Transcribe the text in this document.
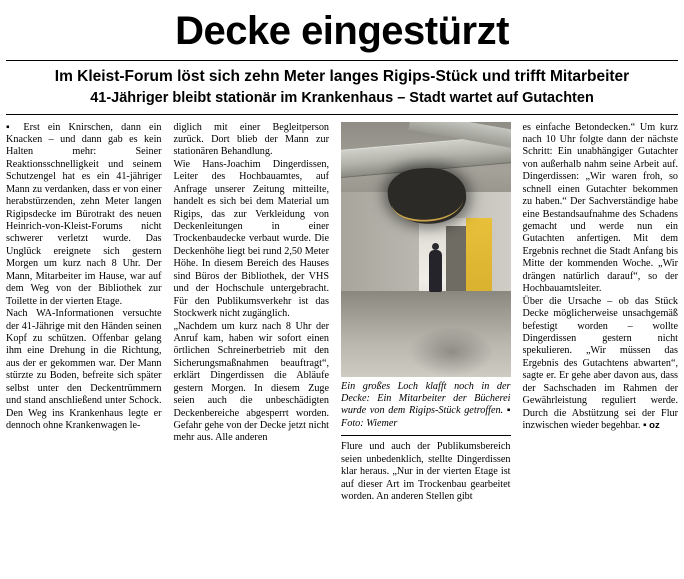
Decke eingestürzt
Im Kleist-Forum löst sich zehn Meter langes Rigips-Stück und trifft Mitarbeiter
41-Jähriger bleibt stationär im Krankenhaus – Stadt wartet auf Gutachten

▪ Erst ein Knirschen, dann ein Knacken – und dann gab es kein Halten mehr: Seiner Reaktionsschnelligkeit und seinem Schutzengel hat es ein 41-jähriger Mann zu verdanken, dass er von einer herabstürzenden, zehn Meter langen Rigipsdecke im Bürotrakt des neuen Heinrich-von-Kleist-Forums nicht schwerer verletzt wurde. Das Unglück ereignete sich gestern Morgen um kurz nach 8 Uhr. Der Mann, Mitarbeiter im Hause, war auf dem Weg von der Bibliothek zur Toilette in der vierten Etage.

Nach WA-Informationen versuchte der 41-Jährige mit den Händen seinen Kopf zu schützen. Offenbar gelang ihm eine Drehung in die Richtung, aus der er gekommen war. Der Mann stürzte zu Boden, befreite sich später selbst unter den Deckentrümmern und stand anschließend unter Schock. Den Weg ins Krankenhaus legte er dennoch ohne Krankenwagen le-

diglich mit einer Begleitperson zurück. Dort blieb der Mann zur stationären Behandlung.

Wie Hans-Joachim Dingerdissen, Leiter des Hochbauamtes, auf Anfrage unserer Zeitung mitteilte, handelt es sich bei dem Material um Rigips, das zur Verkleidung von Deckenleitungen in einer Trockenbaudecke verbaut wurde. Die Deckenhöhe liegt bei rund 2,50 Meter Höhe. In diesem Bereich des Hauses sind Büros der Bibliothek, der VHS und der Hochschule untergebracht. Für den Publikumsverkehr ist das Stockwerk nicht zugänglich.

„Nachdem um kurz nach 8 Uhr der Anruf kam, haben wir sofort einen örtlichen Schreinerbetrieb mit den Sicherungsmaßnahmen beauftragt“, erklärt Dingerdissen die Abläufe gestern Morgen. In diesem Zuge seien auch die unbeschädigten Deckenbereiche abgesperrt worden. Gefahr gehe von der Decke jetzt nicht mehr aus. Alle anderen

Ein großes Loch klafft noch in der Decke: Ein Mitarbeiter der Bücherei wurde von dem Rigips-Stück getroffen. ▪ Foto: Wiemer

Flure und auch der Publikumsbereich seien unbedenklich, stellte Dingerdissen klar heraus. „Nur in der vierten Etage ist auf dieser Art im Trockenbau gearbeitet worden. An anderen Stellen gibt

es einfache Betondecken.“ Um kurz nach 10 Uhr folgte dann der nächste Schritt: Ein unabhängiger Gutachter von außerhalb nahm seine Arbeit auf. Dingerdissen: „Wir waren froh, so schnell einen Gutachter bekommen zu haben.“ Der Sachverständige habe eine Bestandsaufnahme des Schadens gemacht und werde nun ein Gutachten anfertigen. Mit dem Ergebnis rechnet die Stadt Anfang bis Mitte der kommenden Woche. „Wir drängen natürlich darauf“, so der Hochbauamtsleiter.

Über die Ursache – ob das Stück Decke möglicherweise unsachgemäß befestigt worden – wollte Dingerdissen gestern nicht spekulieren. „Wir müssen das Ergebnis des Gutachtens abwarten“, sagte er. Er gehe aber davon aus, dass der Sachschaden im Rahmen der Gewährleistung reguliert werde. Durch die Abstützung sei der Flur inzwischen wieder begehbar. ▪ oz
